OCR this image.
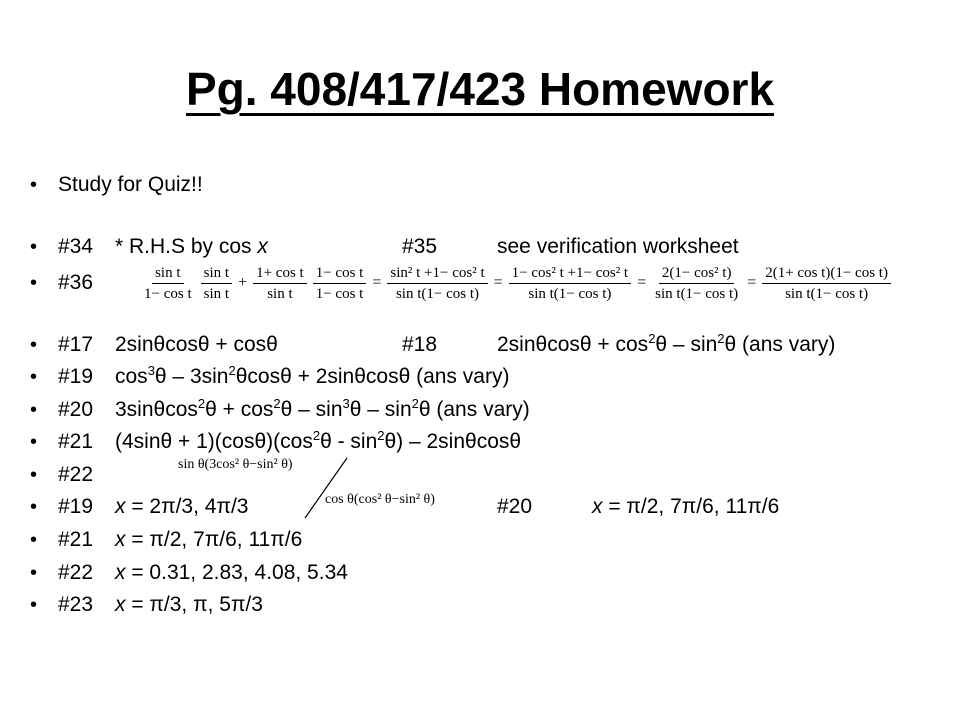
Pg. 408/417/423 Homework
• Study for Quiz!!
• #34 * R.H.S by cos x	#35	see verification worksheet
• #36	$\frac{\text{sin t}}{\text{1− cos t}} \frac{\text{sin t}}{\text{sin t}} + \frac{\text{1+ cos t}}{\text{sin t}} \frac{\text{1− cos t}}{\text{1− cos t}} = \frac{\text{sin² t +1− cos² t}}{\text{sin t(1− cos t)}} = \frac{\text{1− cos² t +1− cos² t}}{\text{sin t(1− cos t)}} = \frac{\text{2(1− cos² t)}}{\text{sin t(1− cos t)}} = \frac{\text{2(1+ cos t)(1− cos t)}}{\text{sin t(1− cos t)}}$
• #17 2sinθcosθ + cosθ	#18	$2\sin\theta\cos\theta + \cos^2\theta - \sin^2\theta$ (ans vary)
• #19 $\cos^3\theta - 3\sin^2\theta\cos\theta + 2\sin\theta\cos\theta$ (ans vary)
• #20 $3\sin\theta\cos^2\theta + \cos^2\theta - \sin^3\theta - \sin^2\theta$ (ans vary)
• #21 $(4\sin\theta + 1)(\cos\theta)(\cos^2\theta - \sin^2\theta) - 2\sin\theta\cos\theta$
• #22	sin θ(3cos² θ−sin² θ)
cos θ(cos² θ−sin² θ)
• #19 x = 2π/3, 4π/3	#20	x = π/2, 7π/6, 11π/6
• #21 x = π/2, 7π/6, 11π/6
• #22 x = 0.31, 2.83, 4.08, 5.34
• #23 x = π/3, π, 5π/3
